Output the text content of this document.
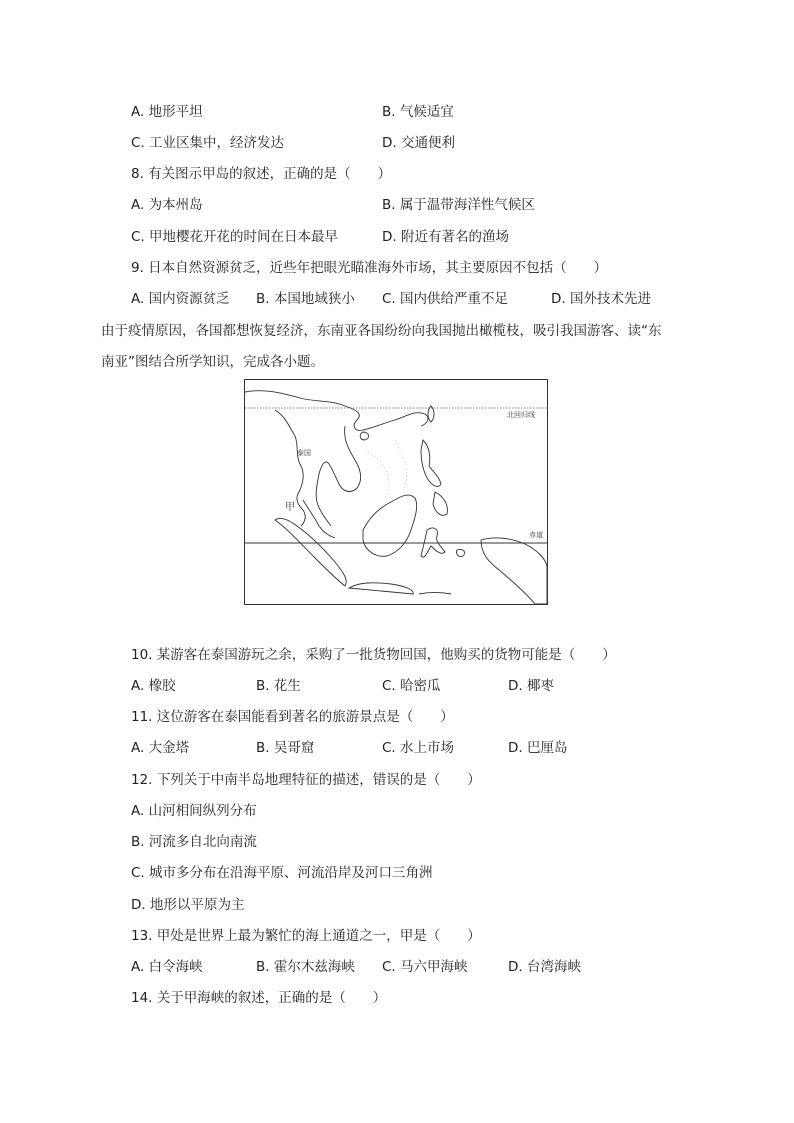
A. 地形平坦	B. 气候适宜
C. 工业区集中，经济发达	D. 交通便利
8. 有关图示甲岛的叙述，正确的是（　　）
A. 为本州岛	B. 属于温带海洋性气候区
C. 甲地樱花开花的时间在日本最早	D. 附近有著名的渔场
9. 日本自然资源贫乏，近些年把眼光瞄准海外市场，其主要原因不包括（　　）
A. 国内资源贫乏 B. 本国地域狭小 C. 国内供给严重不足	D. 国外技术先进
由于疫情原因，各国都想恢复经济，东南亚各国纷纷向我国抛出橄榄枝，吸引我国游客、读“东
南亚”图结合所学知识，完成各小题。
北回归线
赤道
泰国
甲
10. 某游客在泰国游玩之余，采购了一批货物回国，他购买的货物可能是（　　）
A. 橡胶	B. 花生	C. 哈密瓜	D. 椰枣
11. 这位游客在泰国能看到著名的旅游景点是（　　）
A. 大金塔	B. 吴哥窟	C. 水上市场	D. 巴厘岛
12. 下列关于中南半岛地理特征的描述，错误的是（　　）
A. 山河相间纵列分布
B. 河流多自北向南流
C. 城市多分布在沿海平原、河流沿岸及河口三角洲
D. 地形以平原为主
13. 甲处是世界上最为繁忙的海上通道之一，甲是（　　）
A. 白令海峡	B. 霍尔木兹海峡 C. 马六甲海峡	D. 台湾海峡
14. 关于甲海峡的叙述，正确的是（　　）
